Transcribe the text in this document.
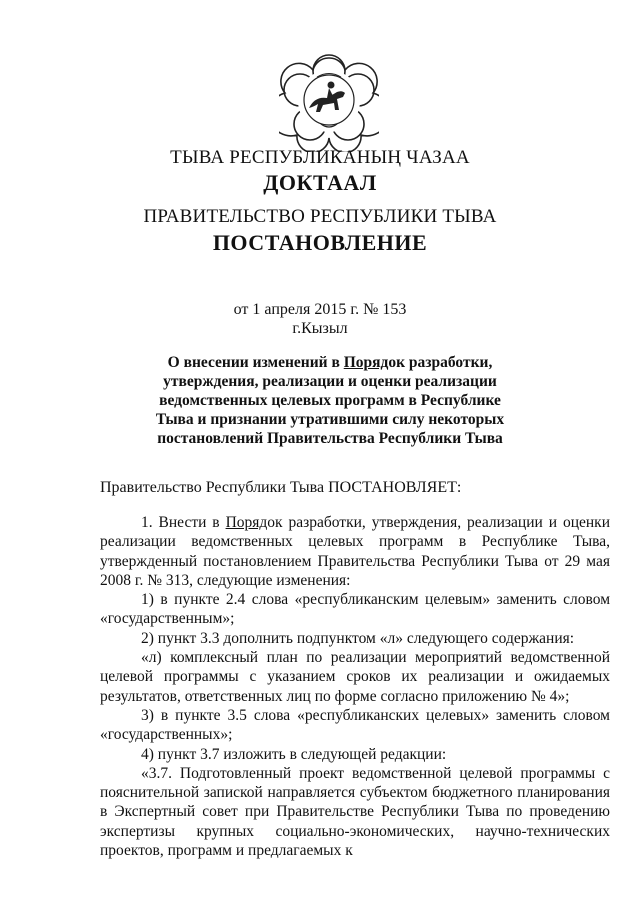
ТЫВА РЕСПУБЛИКАНЫҢ ЧАЗАА
ДОКТААЛ
ПРАВИТЕЛЬСТВО РЕСПУБЛИКИ ТЫВА
ПОСТАНОВЛЕНИЕ
от 1 апреля 2015 г. № 153
г.Кызыл
О внесении изменений в Порядок разработки, утверждения, реализации и оценки реализации ведомственных целевых программ в Республике Тыва и признании утратившими силу некоторых постановлений Правительства Республики Тыва
Правительство Республики Тыва ПОСТАНОВЛЯЕТ:

1. Внести в Порядок разработки, утверждения, реализации и оценки реализации ведомственных целевых программ в Республике Тыва, утвержденный постановлением Правительства Республики Тыва от 29 мая 2008 г. № 313, следующие изменения:

1) в пункте 2.4 слова «республиканским целевым» заменить словом «государственным»;

2) пункт 3.3 дополнить подпунктом «л» следующего содержания:

«л) комплексный план по реализации мероприятий ведомственной целевой программы с указанием сроков их реализации и ожидаемых результатов, ответственных лиц по форме согласно приложению № 4»;

3) в пункте 3.5 слова «республиканских целевых» заменить словом «государственных»;

4) пункт 3.7 изложить в следующей редакции:

«3.7. Подготовленный проект ведомственной целевой программы с пояснительной запиской направляется субъектом бюджетного планирования в Экспертный совет при Правительстве Республики Тыва по проведению экспертизы крупных социально-экономических, научно-технических проектов, программ и предлагаемых к
